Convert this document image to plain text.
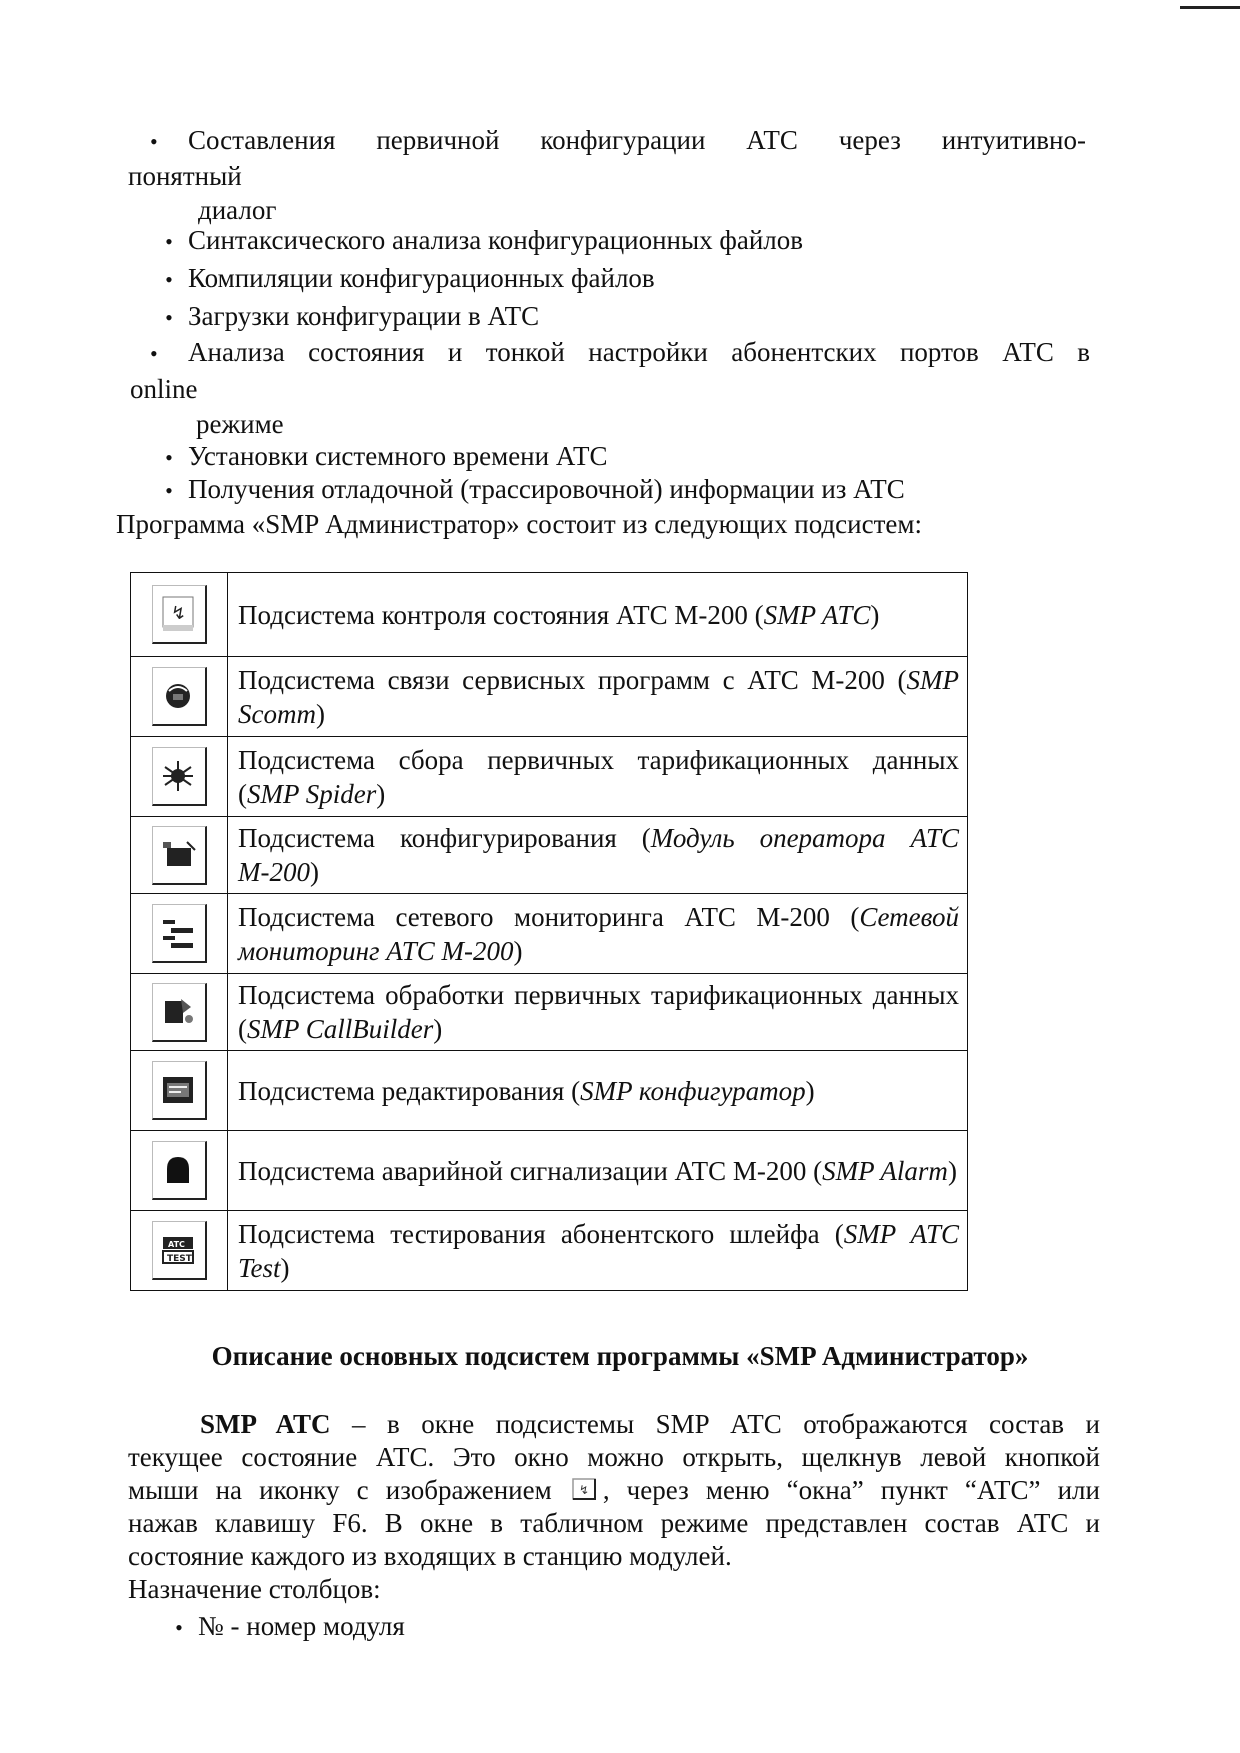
• Составления первичной конфигурации АТС через интуитивно-
понятный
диалог
• Синтаксического анализа конфигурационных файлов
• Компиляции конфигурационных файлов
• Загрузки конфигурации в АТС
• Анализа состояния и тонкой настройки абонентских портов АТС в
online
режиме
• Установки системного времени АТС
• Получения отладочной (трассировочной) информации из АТС
Программа «SMP Администратор» состоит из следующих подсистем:
↯	Подсистема контроля состояния АТС М-200 (SMP ATC)

	Подсистема связи сервисных программ с АТС М-200 (SMP Scomm)

	Подсистема сбора первичных тарификационных данных (SMP Spider)

	Подсистема конфигурирования (Модуль оператора АТС М-200)

	Подсистема сетевого мониторинга АТС М-200 (Сетевой мониторинг АТС М-200)

	Подсистема обработки первичных тарификационных данных (SMP CallBuilder)

	Подсистема редактирования (SMP конфигуратор)

	Подсистема аварийной сигнализации АТС М-200 (SMP Alarm)

TEST
ATC	Подсистема тестирования абонентского шлейфа (SMP ATC Test)
Описание основных подсистем программы «SMP Администратор»
SMP ATC – в окне подсистемы SMP АТС отображаются состав и
текущее состояние АТС. Это окно можно открыть, щелкнув левой кнопкой
мыши на иконку с изображением ↯ , через меню “окна” пункт “АТС” или
нажав клавишу F6. В окне в табличном режиме представлен состав АТС и
состояние каждого из входящих в станцию модулей.
Назначение столбцов:
• № - номер модуля
